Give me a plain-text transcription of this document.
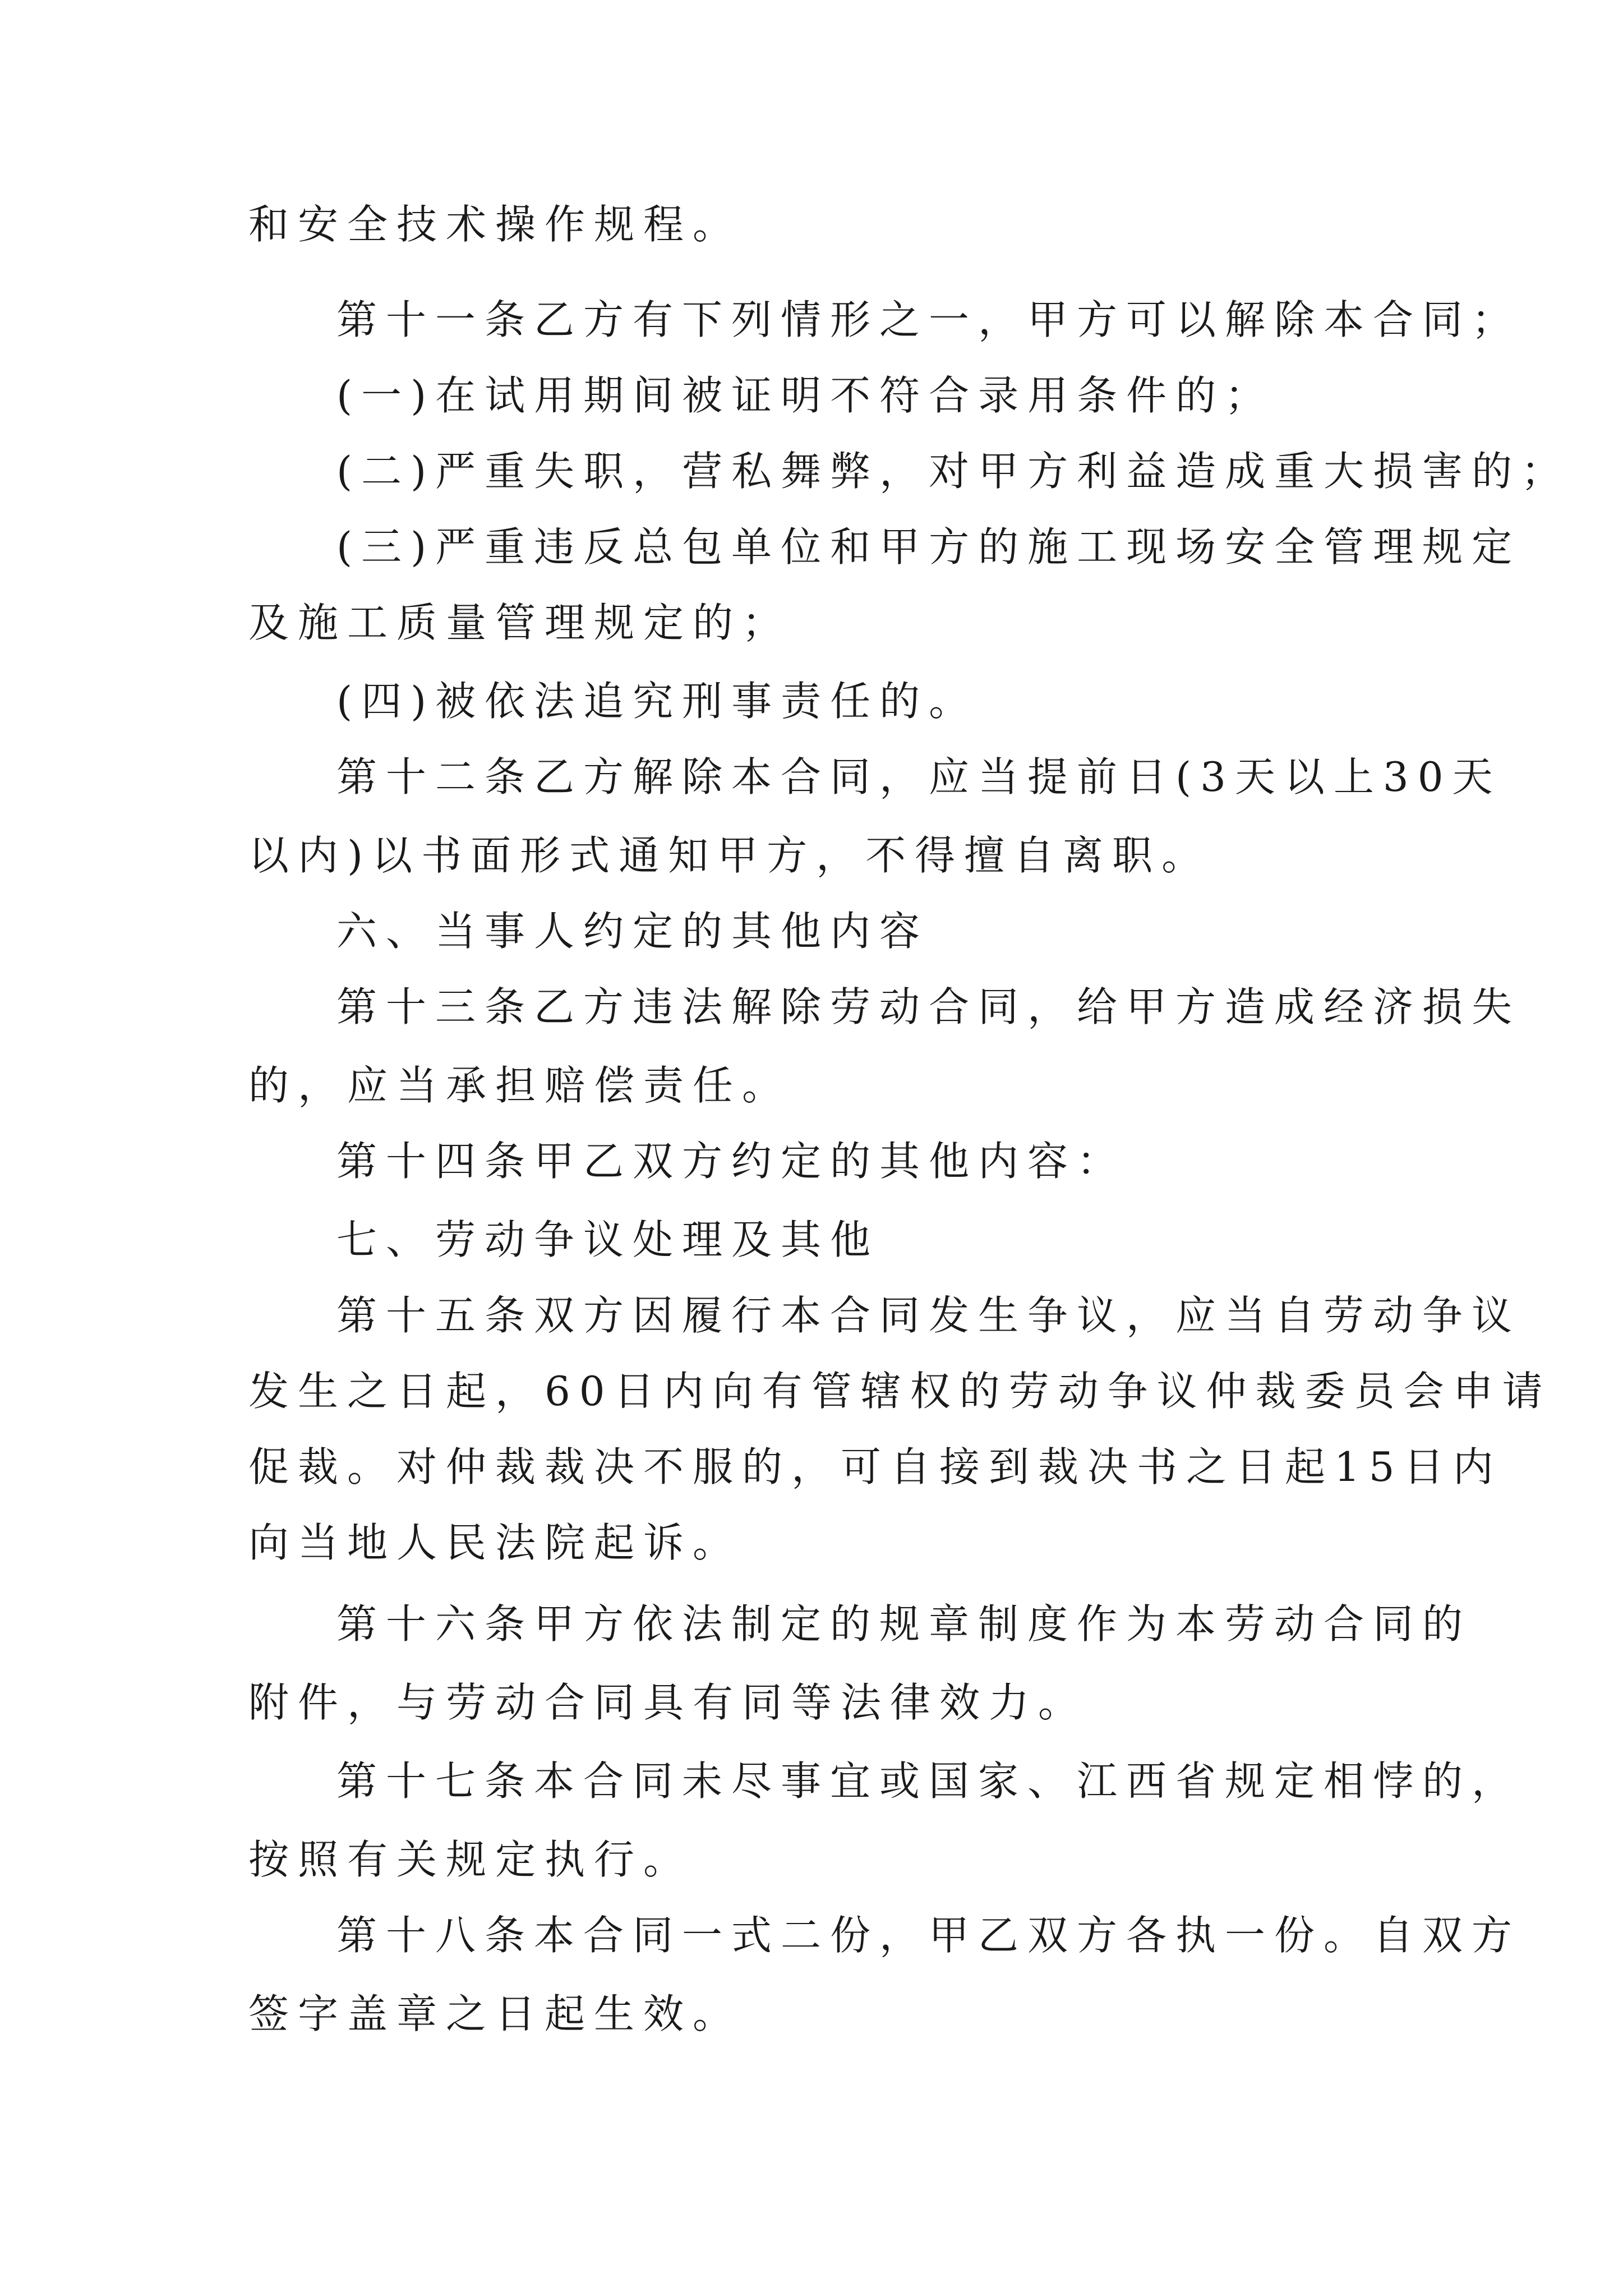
和安全技术操作规程。
第十一条乙方有下列情形之一，甲方可以解除本合同；
(一)在试用期间被证明不符合录用条件的；
(二)严重失职，营私舞弊，对甲方利益造成重大损害的；
(三)严重违反总包单位和甲方的施工现场安全管理规定
及施工质量管理规定的；
(四)被依法追究刑事责任的。
第十二条乙方解除本合同，应当提前日(3天以上30天
以内)以书面形式通知甲方，不得擅自离职。
六、当事人约定的其他内容
第十三条乙方违法解除劳动合同，给甲方造成经济损失
的，应当承担赔偿责任。
第十四条甲乙双方约定的其他内容：
七、劳动争议处理及其他
第十五条双方因履行本合同发生争议，应当自劳动争议
发生之日起，60日内向有管辖权的劳动争议仲裁委员会申请
促裁。对仲裁裁决不服的，可自接到裁决书之日起15日内
向当地人民法院起诉。
第十六条甲方依法制定的规章制度作为本劳动合同的
附件，与劳动合同具有同等法律效力。
第十七条本合同未尽事宜或国家、江西省规定相悖的，
按照有关规定执行。
第十八条本合同一式二份，甲乙双方各执一份。自双方
签字盖章之日起生效。
